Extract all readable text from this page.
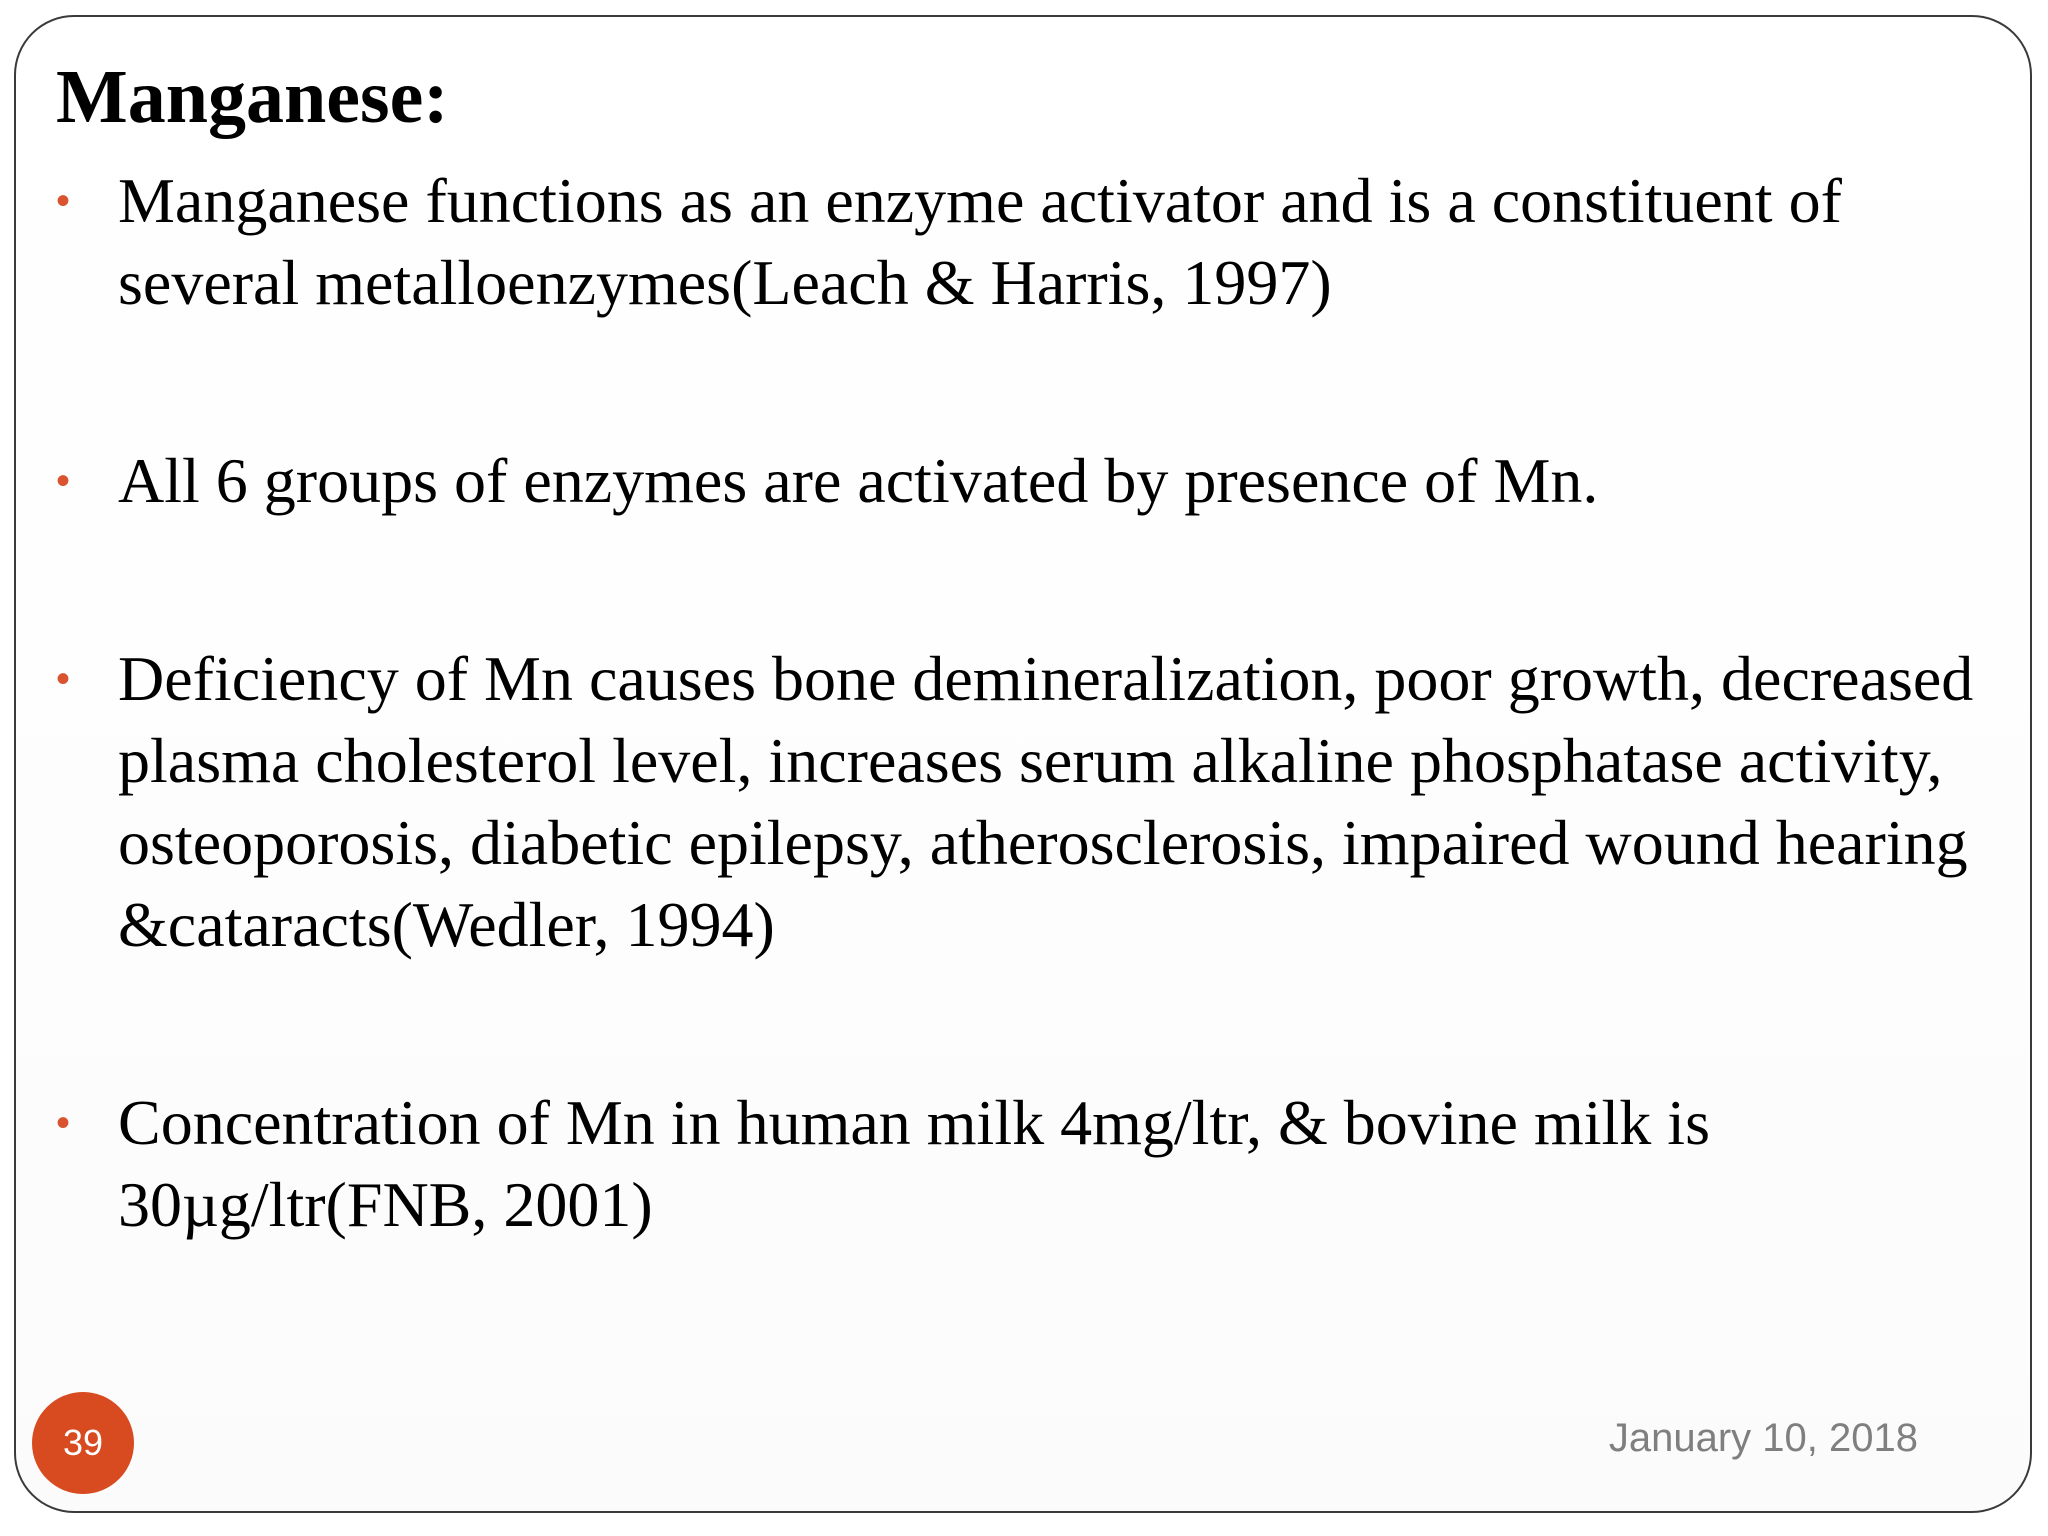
Manganese:
• Manganese functions as an enzyme activator and is a constituent of several metalloenzymes(Leach & Harris, 1997)
• All 6 groups of enzymes are activated by presence of Mn.
• Deficiency of Mn causes bone demineralization, poor growth, decreased plasma cholesterol level, increases serum alkaline phosphatase activity, osteoporosis, diabetic epilepsy, atherosclerosis, impaired wound hearing &cataracts(Wedler, 1994)
• Concentration of Mn in human milk 4mg/ltr, & bovine milk is 30µg/ltr(FNB, 2001)
39	January 10, 2018
